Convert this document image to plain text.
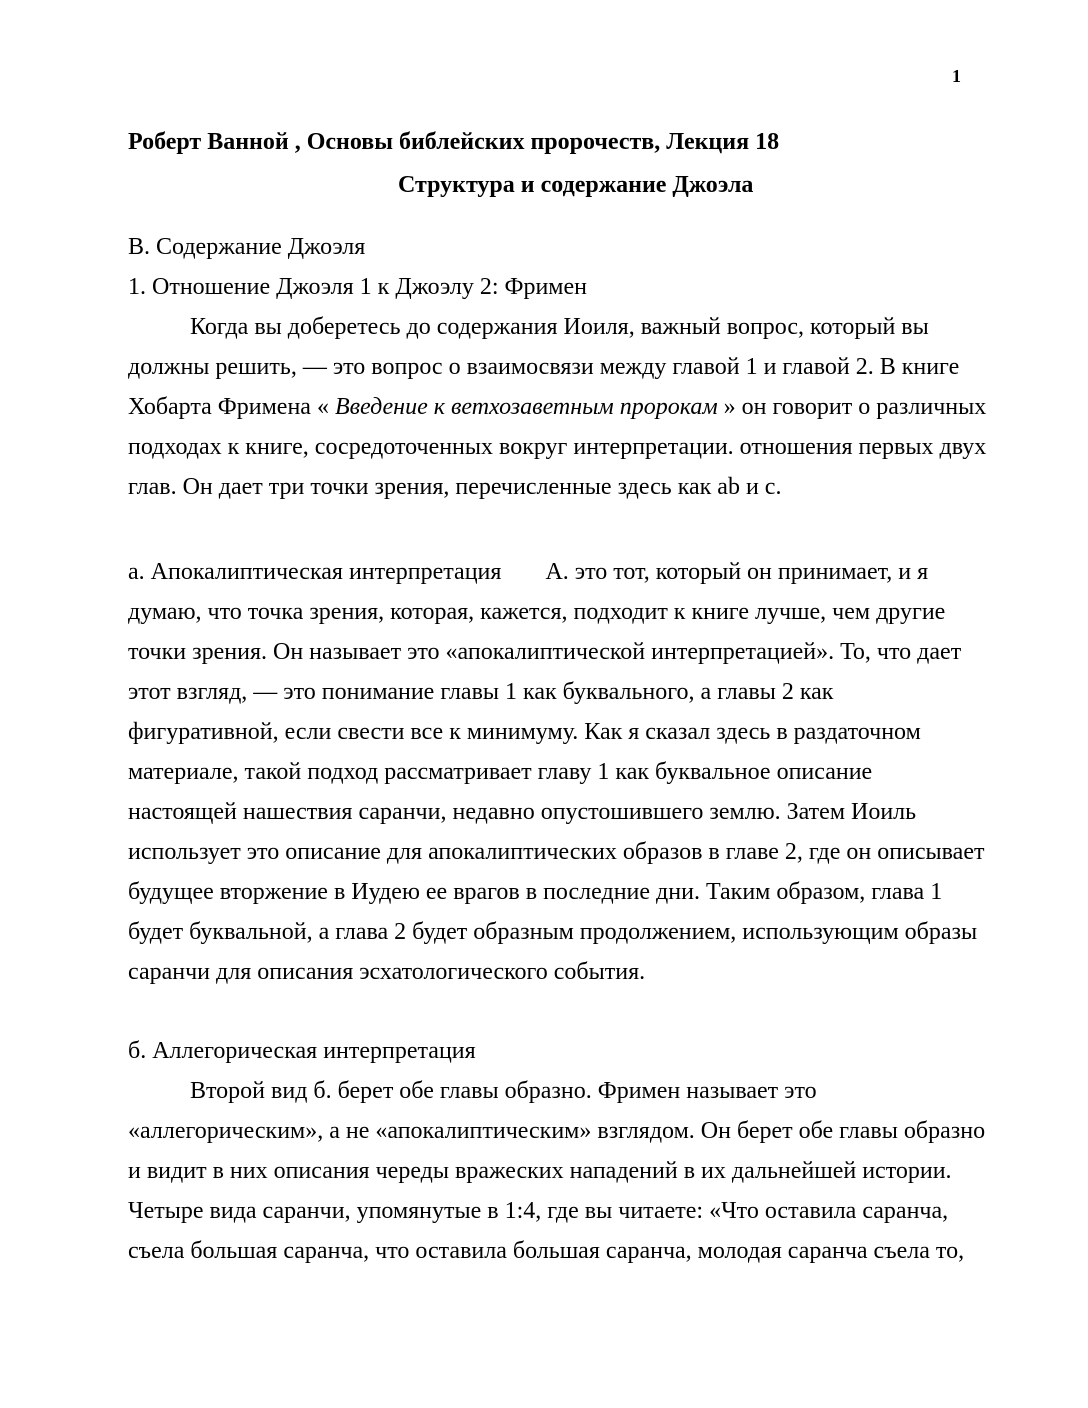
1
Роберт Ванной , Основы библейских пророчеств, Лекция 18
Структура и содержание Джоэла
B. Содержание Джоэля
1. Отношение Джоэля 1 к Джоэлу 2: Фримен
Когда вы доберетесь до содержания Иоиля, важный вопрос, который вы
должны решить, — это вопрос о взаимосвязи между главой 1 и главой 2. В книге
Хобарта Фримена « Введение к ветхозаветным пророкам » он говорит о различных
подходах к книге, сосредоточенных вокруг интерпретации. отношения первых двух
глав. Он дает три точки зрения, перечисленные здесь как ab и c.
а. Апокалиптическая интерпретация A. это тот, который он принимает, и я
думаю, что точка зрения, которая, кажется, подходит к книге лучше, чем другие
точки зрения. Он называет это «апокалиптической интерпретацией». То, что дает
этот взгляд, — это понимание главы 1 как буквального, а главы 2 как
фигуративной, если свести все к минимуму. Как я сказал здесь в раздаточном
материале, такой подход рассматривает главу 1 как буквальное описание
настоящей нашествия саранчи, недавно опустошившего землю. Затем Иоиль
использует это описание для апокалиптических образов в главе 2, где он описывает
будущее вторжение в Иудею ее врагов в последние дни. Таким образом, глава 1
будет буквальной, а глава 2 будет образным продолжением, использующим образы
саранчи для описания эсхатологического события.
б. Аллегорическая интерпретация
Второй вид б. берет обе главы образно. Фримен называет это
«аллегорическим», а не «апокалиптическим» взглядом. Он берет обе главы образно
и видит в них описания череды вражеских нападений в их дальнейшей истории.
Четыре вида саранчи, упомянутые в 1:4, где вы читаете: «Что оставила саранча,
съела большая саранча, что оставила большая саранча, молодая саранча съела то,
